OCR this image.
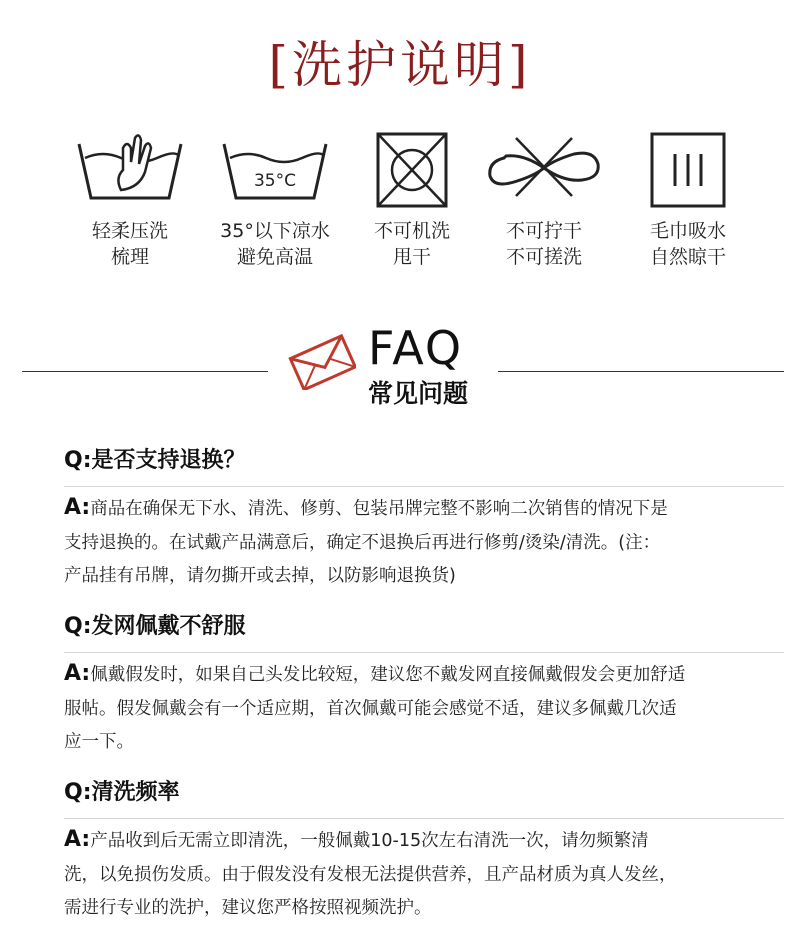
[洗护说明]
轻柔压洗
梳理
35°C
35°以下凉水
避免高温
不可机洗
甩干
不可拧干
不可搓洗
毛巾吸水
自然晾干
FAQ
常见问题
Q:是否支持退换？
A:商品在确保无下水、清洗、修剪、包装吊牌完整不影响二次销售的情况下是
支持退换的。在试戴产品满意后，确定不退换后再进行修剪/烫染/清洗。(注：
产品挂有吊牌，请勿撕开或去掉，以防影响退换货)
Q:发网佩戴不舒服
A:佩戴假发时，如果自己头发比较短，建议您不戴发网直接佩戴假发会更加舒适
服帖。假发佩戴会有一个适应期，首次佩戴可能会感觉不适，建议多佩戴几次适
应一下。
Q:清洗频率
A:产品收到后无需立即清洗，一般佩戴10-15次左右清洗一次，请勿频繁清
洗，以免损伤发质。由于假发没有发根无法提供营养，且产品材质为真人发丝，
需进行专业的洗护，建议您严格按照视频洗护。
